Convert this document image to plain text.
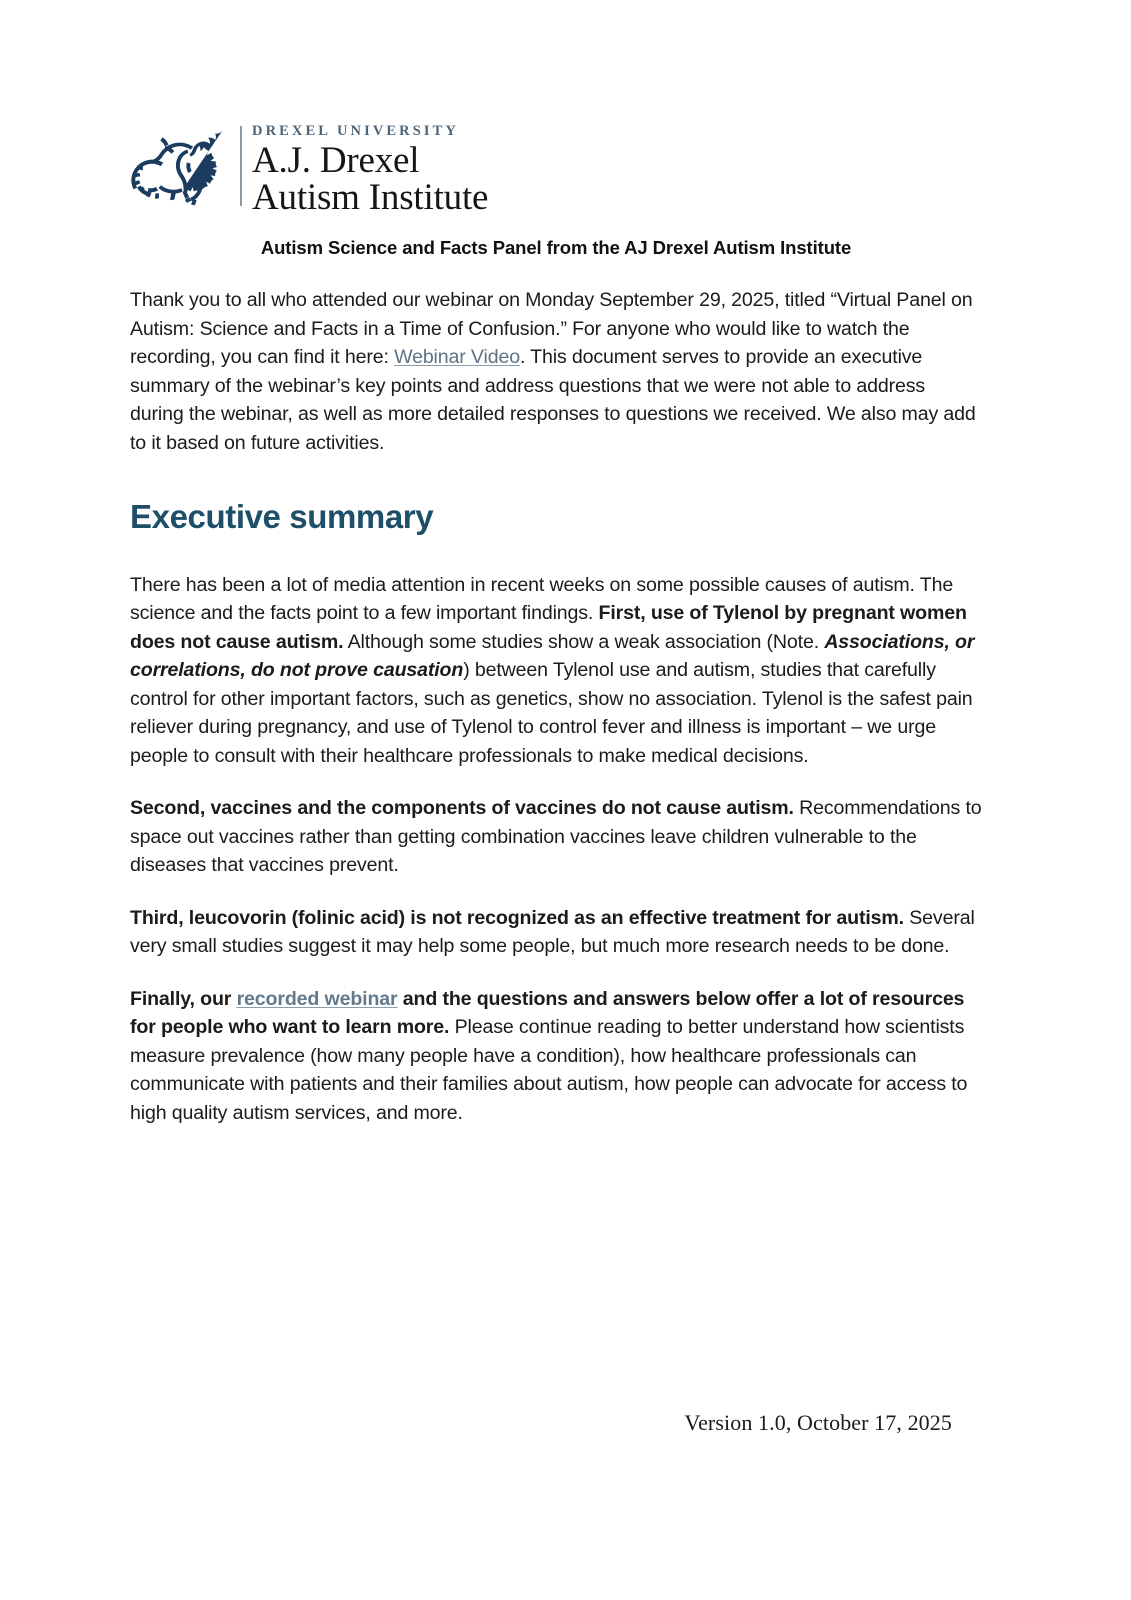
DREXEL UNIVERSITY
A.J. Drexel
Autism Institute
Autism Science and Facts Panel from the AJ Drexel Autism Institute

Thank you to all who attended our webinar on Monday September 29, 2025, titled “Virtual Panel on Autism: Science and Facts in a Time of Confusion.” For anyone who would like to watch the recording, you can find it here: Webinar Video. This document serves to provide an executive summary of the webinar’s key points and address questions that we were not able to address during the webinar, as well as more detailed responses to questions we received. We also may add to it based on future activities.

Executive summary

There has been a lot of media attention in recent weeks on some possible causes of autism. The science and the facts point to a few important findings. First, use of Tylenol by pregnant women does not cause autism. Although some studies show a weak association (Note. Associations, or correlations, do not prove causation) between Tylenol use and autism, studies that carefully control for other important factors, such as genetics, show no association. Tylenol is the safest pain reliever during pregnancy, and use of Tylenol to control fever and illness is important – we urge people to consult with their healthcare professionals to make medical decisions.

Second, vaccines and the components of vaccines do not cause autism. Recommendations to space out vaccines rather than getting combination vaccines leave children vulnerable to the diseases that vaccines prevent.

Third, leucovorin (folinic acid) is not recognized as an effective treatment for autism. Several very small studies suggest it may help some people, but much more research needs to be done.

Finally, our recorded webinar and the questions and answers below offer a lot of resources for people who want to learn more. Please continue reading to better understand how scientists measure prevalence (how many people have a condition), how healthcare professionals can communicate with patients and their families about autism, how people can advocate for access to high quality autism services, and more.

Version 1.0, October 17, 2025
